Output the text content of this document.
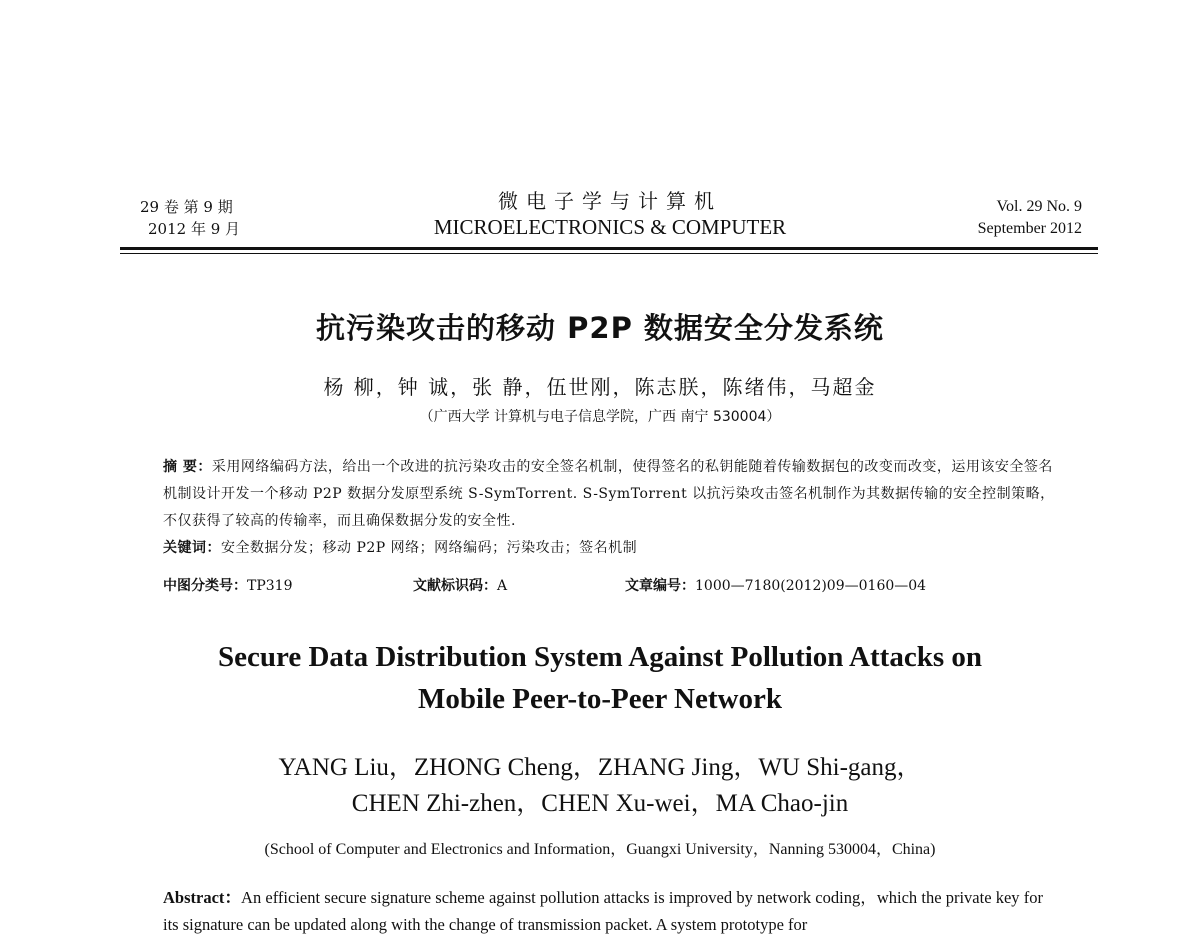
29 卷 第 9 期
2012 年 9 月
微电子学与计算机
MICROELECTRONICS & COMPUTER
Vol. 29 No. 9
September 2012
抗污染攻击的移动 P2P 数据安全分发系统
杨 柳，钟 诚，张 静，伍世刚，陈志朕，陈绪伟，马超金
（广西大学 计算机与电子信息学院，广西 南宁 530004）
摘 要：采用网络编码方法，给出一个改进的抗污染攻击的安全签名机制，使得签名的私钥能随着传输数据包的改变而改变，运用该安全签名机制设计开发一个移动 P2P 数据分发原型系统 S-SymTorrent. S-SymTorrent 以抗污染攻击签名机制作为其数据传输的安全控制策略，不仅获得了较高的传输率，而且确保数据分发的安全性.
关键词：安全数据分发；移动 P2P 网络；网络编码；污染攻击；签名机制
中图分类号：TP319	文献标识码：A	文章编号：1000—7180(2012)09—0160—04
Secure Data Distribution System Against Pollution Attacks on
Mobile Peer-to-Peer Network
YANG Liu，ZHONG Cheng，ZHANG Jing，WU Shi-gang，
CHEN Zhi-zhen，CHEN Xu-wei，MA Chao-jin
(School of Computer and Electronics and Information，Guangxi University，Nanning 530004，China)
Abstract：An efficient secure signature scheme against pollution attacks is improved by network coding，which the private key for its signature can be updated along with the change of transmission packet. A system prototype for
